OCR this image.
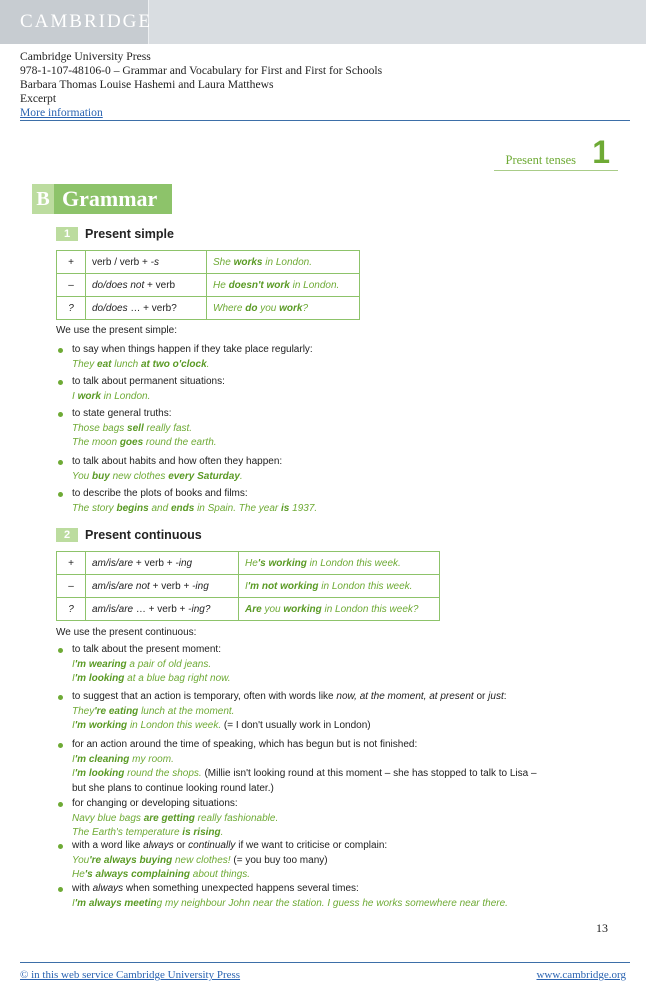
CAMBRIDGE
Cambridge University Press
978-1-107-48106-0 – Grammar and Vocabulary for First and First for Schools
Barbara Thomas Louise Hashemi and Laura Matthews
Excerpt
More information
Present tenses 1
B Grammar
1 Present simple
+	verb / verb + -s	She works in London.
–	do/does not + verb	He doesn't work in London.
?	do/does … + verb?	Where do you work?
We use the present simple:
to say when things happen if they take place regularly:
They eat lunch at two o'clock.
to talk about permanent situations:
I work in London.
to state general truths:
Those bags sell really fast.
The moon goes round the earth.
to talk about habits and how often they happen:
You buy new clothes every Saturday.
to describe the plots of books and films:
The story begins and ends in Spain. The year is 1937.
2 Present continuous
+	am/is/are + verb + -ing	He's working in London this week.
–	am/is/are not + verb + -ing	I'm not working in London this week.
?	am/is/are … + verb + -ing?	Are you working in London this week?
We use the present continuous:
to talk about the present moment:
I'm wearing a pair of old jeans.
I'm looking at a blue bag right now.
to suggest that an action is temporary, often with words like now, at the moment, at present or just:
They're eating lunch at the moment.
I'm working in London this week. (= I don't usually work in London)
for an action around the time of speaking, which has begun but is not finished:
I'm cleaning my room.
I'm looking round the shops. (Millie isn't looking round at this moment – she has stopped to talk to Lisa –
but she plans to continue looking round later.)
for changing or developing situations:
Navy blue bags are getting really fashionable.
The Earth's temperature is rising.
with a word like always or continually if we want to criticise or complain:
You're always buying new clothes! (= you buy too many)
He's always complaining about things.
with always when something unexpected happens several times:
I'm always meeting my neighbour John near the station. I guess he works somewhere near there.
13
© in this web service Cambridge University Press	www.cambridge.org
